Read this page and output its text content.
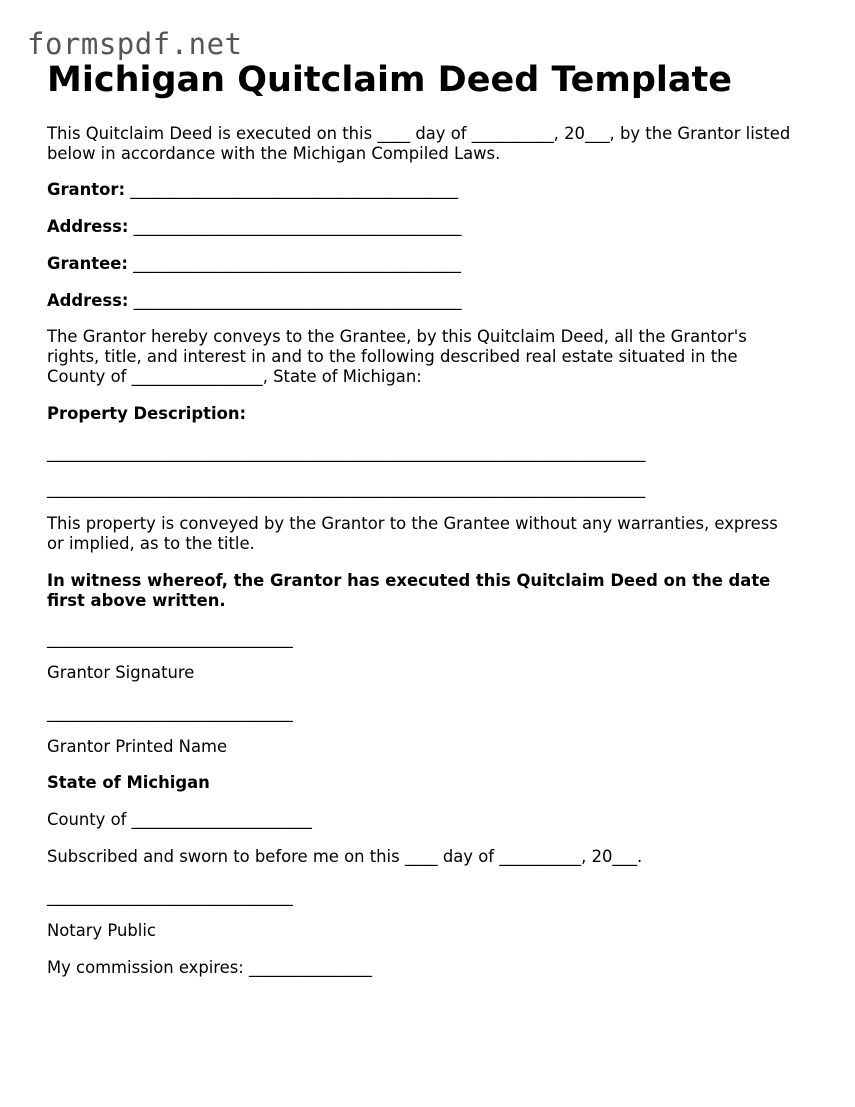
formspdf.net
Michigan Quitclaim Deed Template

This Quitclaim Deed is executed on this ____ day of __________, 20___, by the Grantor listed

below in accordance with the Michigan Compiled Laws.

Grantor: ________________________________________

Address: ________________________________________

Grantee: ________________________________________

Address: ________________________________________

The Grantor hereby conveys to the Grantee, by this Quitclaim Deed, all the Grantor's

rights, title, and interest in and to the following described real estate situated in the

County of ________________, State of Michigan:

Property Description:

_________________________________________________________________________

_________________________________________________________________________

This property is conveyed by the Grantor to the Grantee without any warranties, express

or implied, as to the title.

In witness whereof, the Grantor has executed this Quitclaim Deed on the date

first above written.

______________________________

Grantor Signature

______________________________

Grantor Printed Name

State of Michigan

County of ______________________

Subscribed and sworn to before me on this ____ day of __________, 20___.

______________________________

Notary Public

My commission expires: _______________
